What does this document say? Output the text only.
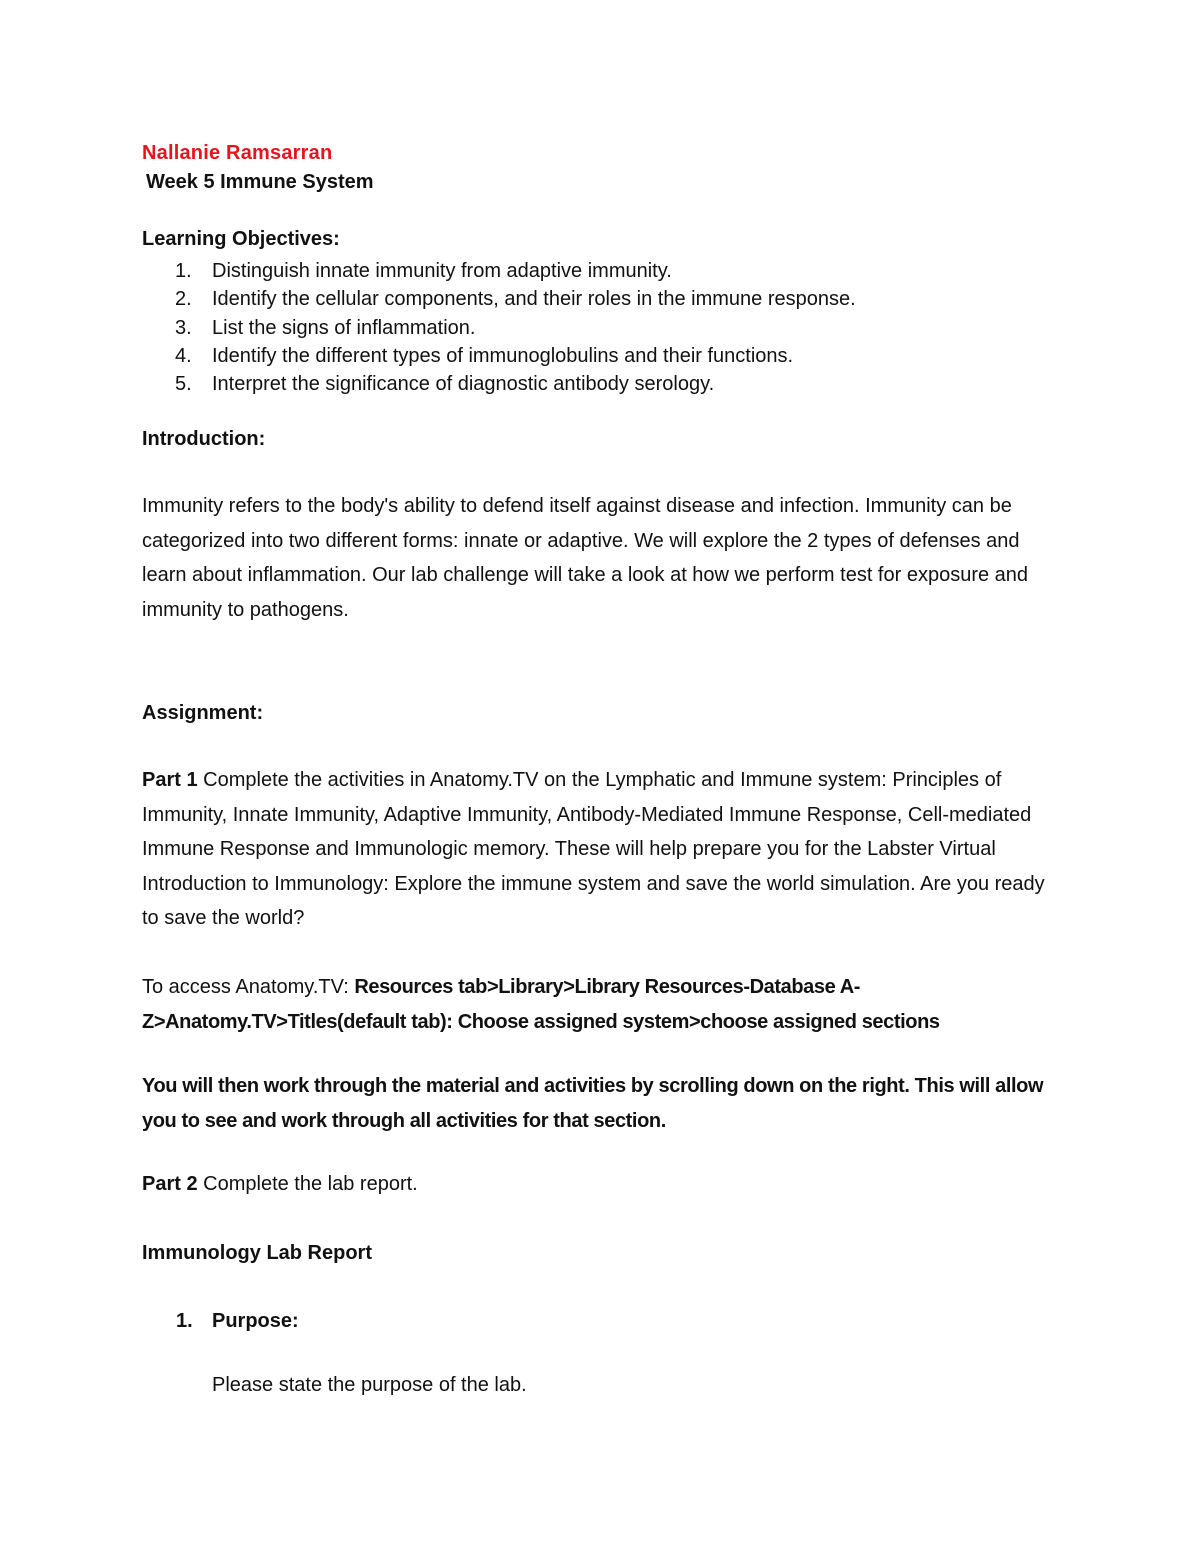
Nallanie Ramsarran
Week 5 Immune System
Learning Objectives:
1. Distinguish innate immunity from adaptive immunity.
2. Identify the cellular components, and their roles in the immune response.
3. List the signs of inflammation.
4. Identify the different types of immunoglobulins and their functions.
5. Interpret the significance of diagnostic antibody serology.
Introduction:

Immunity refers to the body's ability to defend itself against disease and infection. Immunity can be categorized into two different forms: innate or adaptive. We will explore the 2 types of defenses and learn about inflammation. Our lab challenge will take a look at how we perform test for exposure and immunity to pathogens.

Assignment:

Part 1 Complete the activities in Anatomy.TV on the Lymphatic and Immune system: Principles of Immunity, Innate Immunity, Adaptive Immunity, Antibody-Mediated Immune Response, Cell-mediated Immune Response and Immunologic memory. These will help prepare you for the Labster Virtual Introduction to Immunology: Explore the immune system and save the world simulation. Are you ready to save the world?

To access Anatomy.TV: Resources tab>Library>Library Resources-Database A-Z>Anatomy.TV>Titles(default tab): Choose assigned system>choose assigned sections

You will then work through the material and activities by scrolling down on the right. This will allow you to see and work through all activities for that section.

Part 2 Complete the lab report.
Immunology Lab Report
1. Purpose:
Please state the purpose of the lab.
